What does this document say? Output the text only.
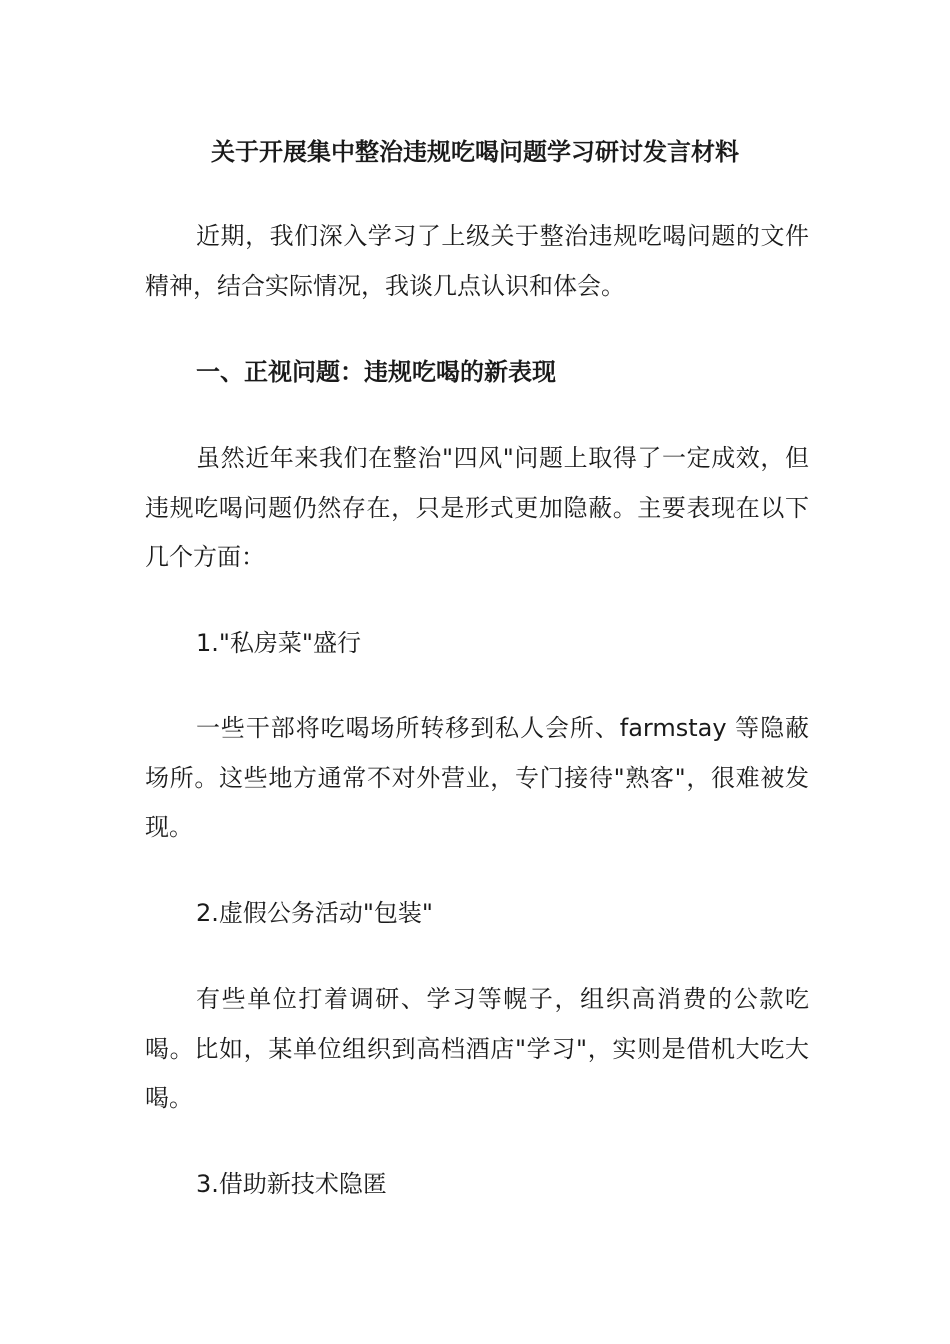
关于开展集中整治违规吃喝问题学习研讨发言材料

近期，我们深入学习了上级关于整治违规吃喝问题的文件精神，结合实际情况，我谈几点认识和体会。

一、正视问题：违规吃喝的新表现

虽然近年来我们在整治"四风"问题上取得了一定成效，但违规吃喝问题仍然存在，只是形式更加隐蔽。主要表现在以下几个方面：

1."私房菜"盛行

一些干部将吃喝场所转移到私人会所、farmstay 等隐蔽场所。这些地方通常不对外营业，专门接待"熟客"，很难被发现。

2.虚假公务活动"包装"

有些单位打着调研、学习等幌子，组织高消费的公款吃喝。比如，某单位组织到高档酒店"学习"，实则是借机大吃大喝。

3.借助新技术隐匿
